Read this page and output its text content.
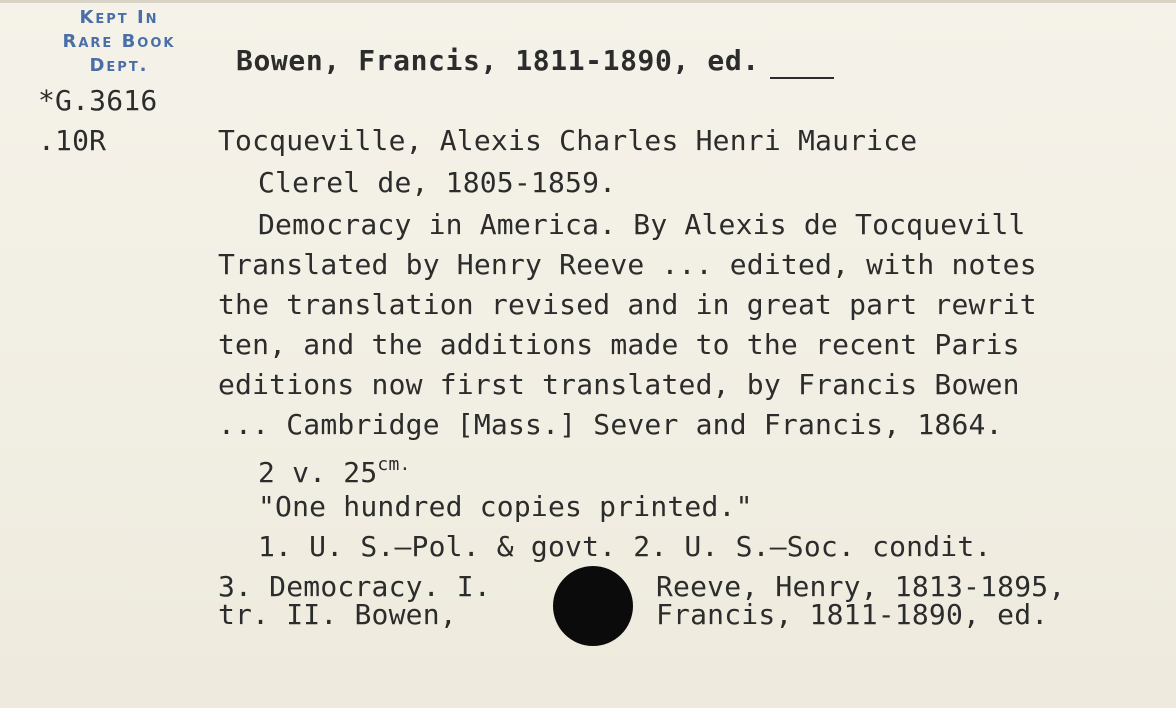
Kept In
Rare Book
Dept.
*G.3616
.10R
Bowen, Francis, 1811-1890, ed.
Tocqueville, Alexis Charles Henri Maurice
Clerel de, 1805-1859.
Democracy in America. By Alexis de Tocquevill
Translated by Henry Reeve ... edited, with notes
the translation revised and in great part rewrit
ten, and the additions made to the recent Paris
editions now first translated, by Francis Bowen
... Cambridge [Mass.] Sever and Francis, 1864.
2 v. $25^{cm.}$
"One hundred copies printed."
1. U. S.—Pol. & govt. 2. U. S.—Soc. condit.
3. Democracy. I.	Reeve, Henry, 1813-1895,
tr. II. Bowen,	Francis, 1811-1890, ed.
